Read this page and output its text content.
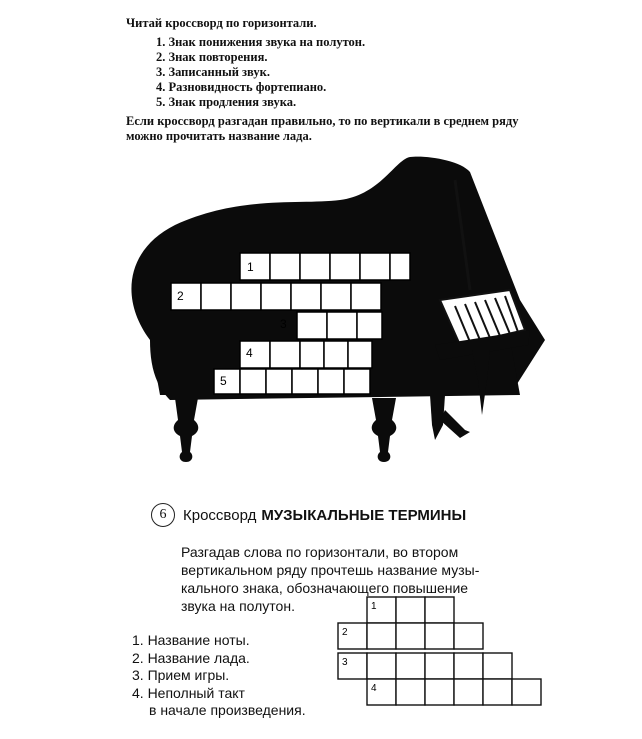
Читай кроссворд по горизонтали.

1. Знак понижения звука на полутон.
2. Знак повторения.
3. Записанный звук.
4. Разновидность фортепиано.
5. Знак продления звука.

Если кроссворд разгадан правильно, то по вертикали в среднем ряду

можно прочитать название лада.

1
2
3
4
5
6	Кроссворд МУЗЫКАЛЬНЫЕ ТЕРМИНЫ
Разгадав слова по горизонтали, во втором
вертикальном ряду прочтешь название музы-
кального знака, обозначающего повышение
звука на полутон.
1. Название ноты.
2. Название лада.
3. Прием игры.
4. Неполный такт
в начале произведения.
1
2
3
4
